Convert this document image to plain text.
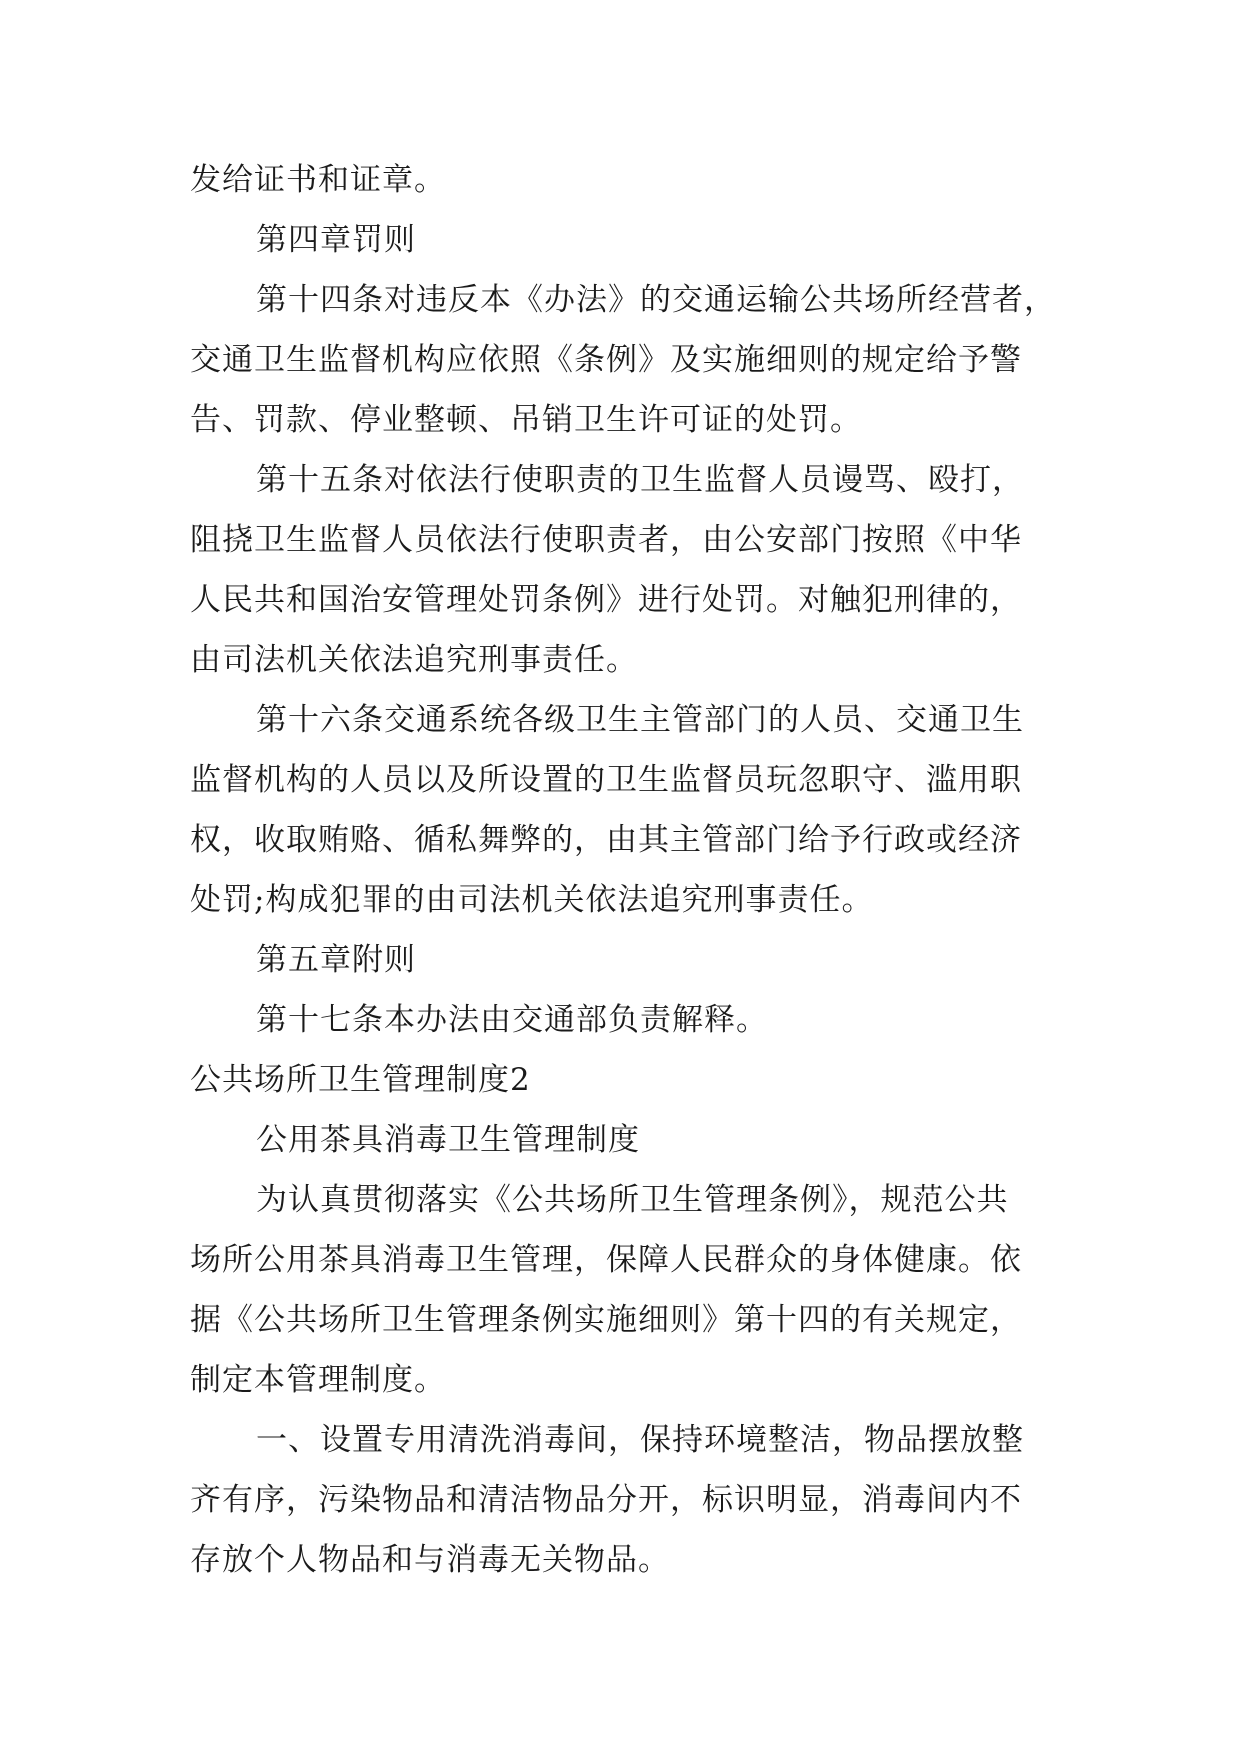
发给证书和证章。
第四章罚则
第十四条对违反本《办法》的交通运输公共场所经营者，
交通卫生监督机构应依照《条例》及实施细则的规定给予警
告、罚款、停业整顿、吊销卫生许可证的处罚。
第十五条对依法行使职责的卫生监督人员谩骂、殴打，
阻挠卫生监督人员依法行使职责者，由公安部门按照《中华
人民共和国治安管理处罚条例》进行处罚。对触犯刑律的，
由司法机关依法追究刑事责任。
第十六条交通系统各级卫生主管部门的人员、交通卫生
监督机构的人员以及所设置的卫生监督员玩忽职守、滥用职
权，收取贿赂、循私舞弊的，由其主管部门给予行政或经济
处罚;构成犯罪的由司法机关依法追究刑事责任。
第五章附则
第十七条本办法由交通部负责解释。
公共场所卫生管理制度2
公用茶具消毒卫生管理制度
为认真贯彻落实《公共场所卫生管理条例》，规范公共
场所公用茶具消毒卫生管理，保障人民群众的身体健康。依
据《公共场所卫生管理条例实施细则》第十四的有关规定，
制定本管理制度。
一、设置专用清洗消毒间，保持环境整洁，物品摆放整
齐有序，污染物品和清洁物品分开，标识明显，消毒间内不
存放个人物品和与消毒无关物品。
